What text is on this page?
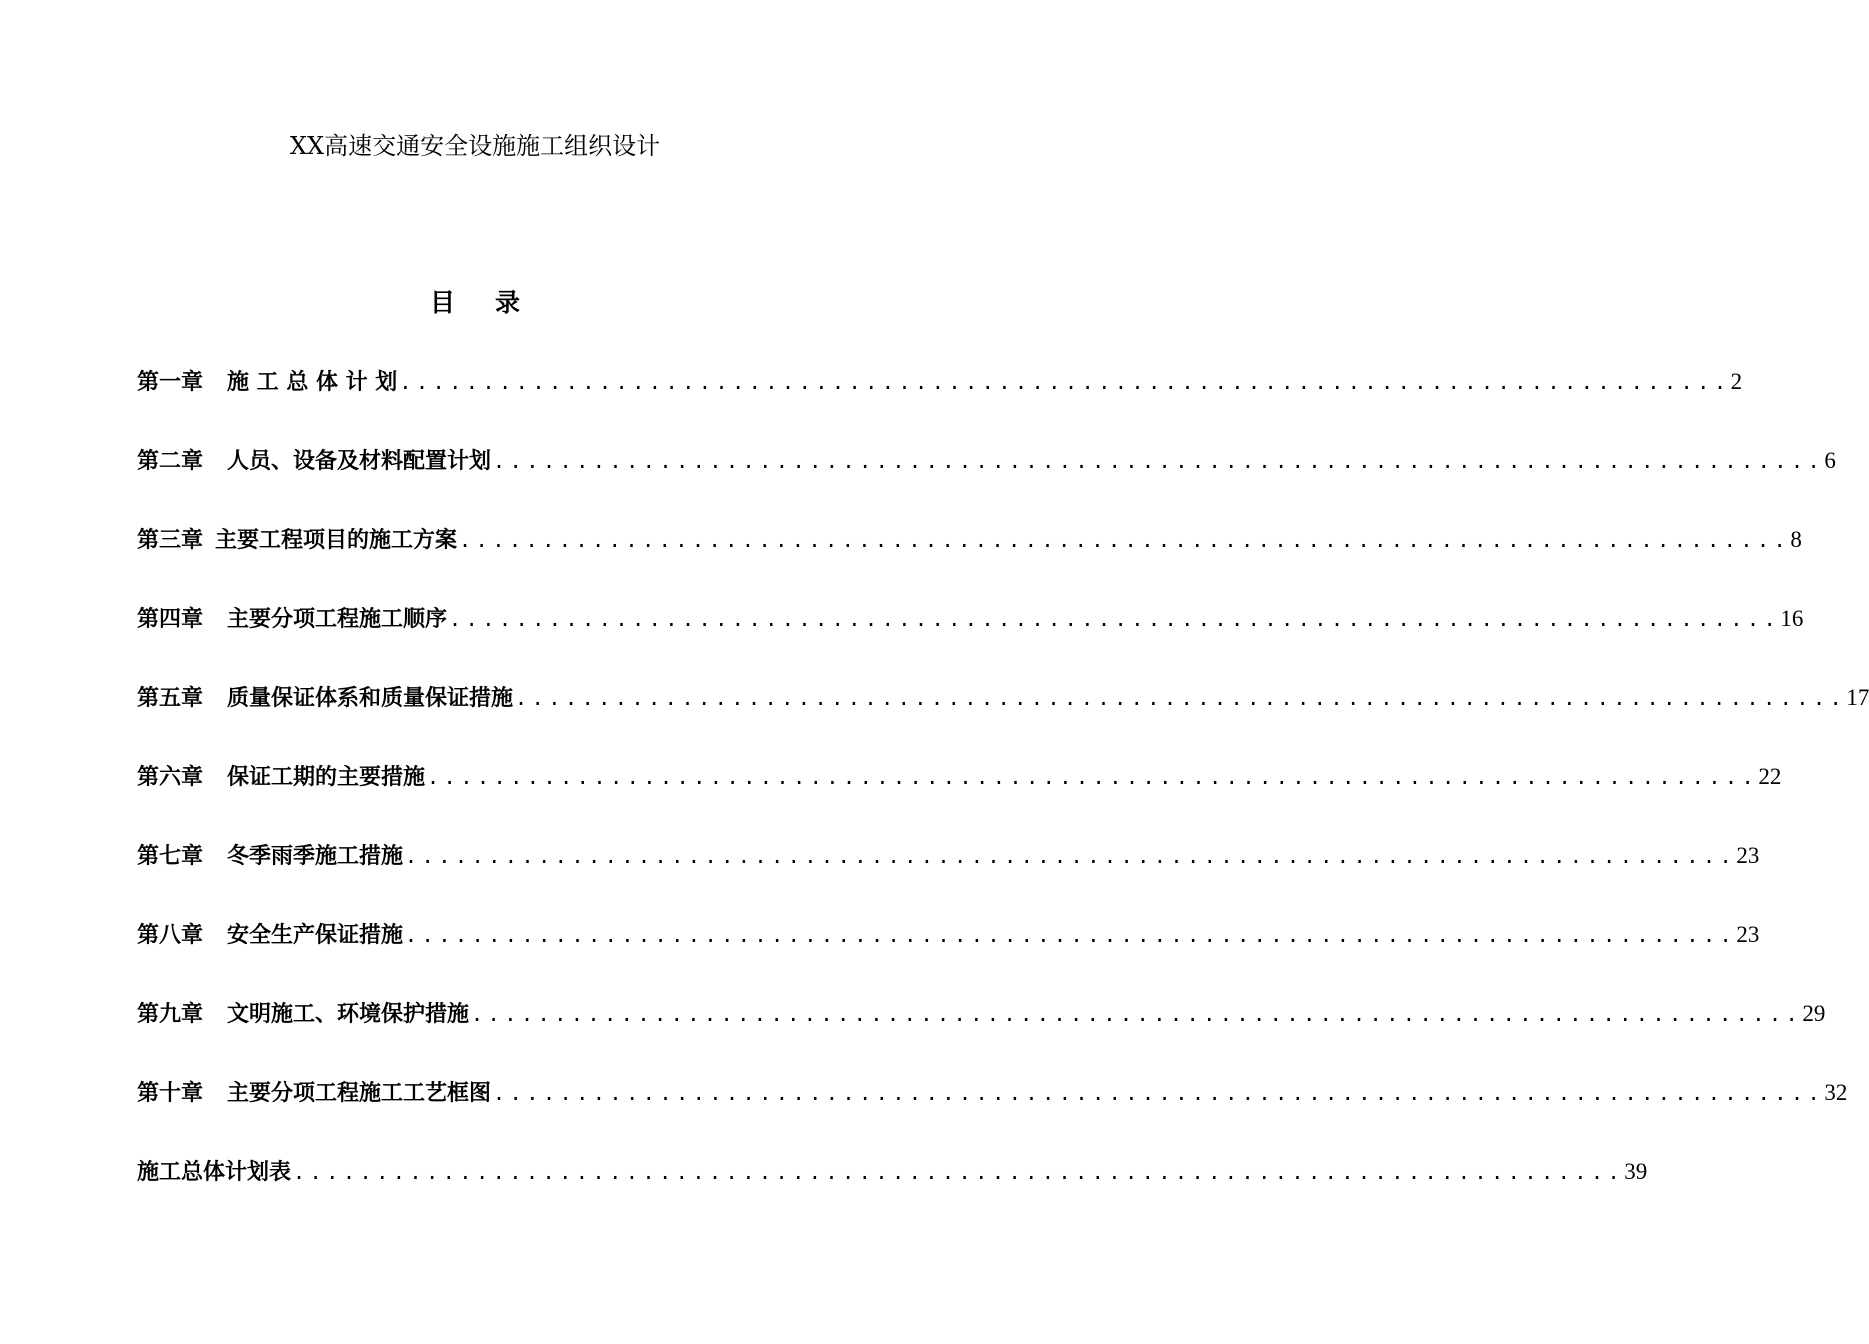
XX高速交通安全设施施工组织设计
目 录
第一章 施 工 总 体 计 划 ................................................................................ 2
第二章 人员、设备及材料配置计划 ................................................................................ 6
第三章 主要工程项目的施工方案 ................................................................................ 8
第四章 主要分项工程施工顺序 ................................................................................ 16
第五章 质量保证体系和质量保证措施 ................................................................................ 17
第六章 保证工期的主要措施 ................................................................................ 22
第七章 冬季雨季施工措施 ................................................................................ 23
第八章 安全生产保证措施 ................................................................................ 23
第九章 文明施工、环境保护措施 ................................................................................ 29
第十章 主要分项工程施工工艺框图 ................................................................................ 32
施工总体计划表 ................................................................................ 39
